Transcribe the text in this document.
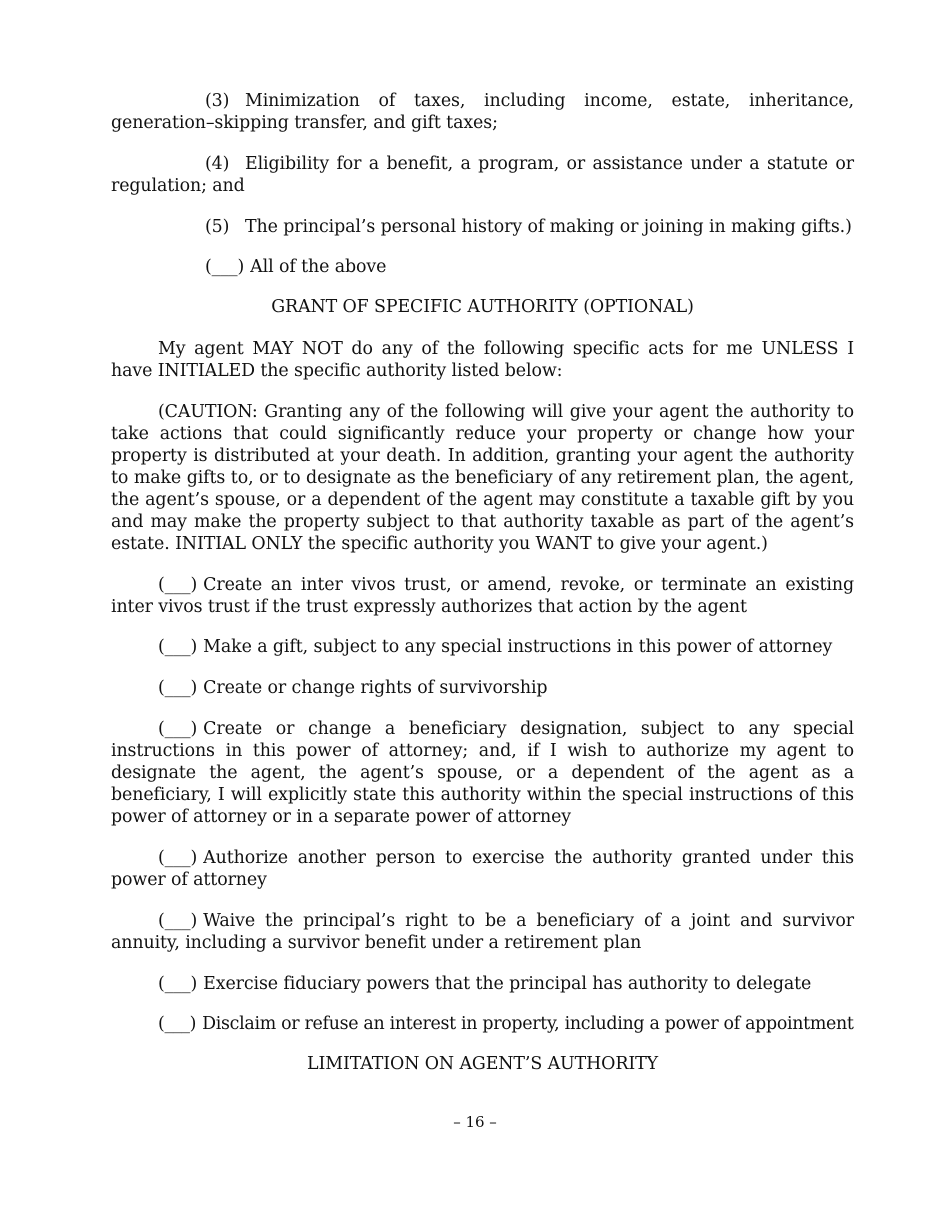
(3) Minimization of taxes, including income, estate, inheritance, generation–skipping transfer, and gift taxes;

(4) Eligibility for a benefit, a program, or assistance under a statute or regulation; and

(5) The principal’s personal history of making or joining in making gifts.)

(___) All of the above

GRANT OF SPECIFIC AUTHORITY (OPTIONAL)

My agent MAY NOT do any of the following specific acts for me UNLESS I have INITIALED the specific authority listed below:

(CAUTION: Granting any of the following will give your agent the authority to take actions that could significantly reduce your property or change how your property is distributed at your death. In addition, granting your agent the authority to make gifts to, or to designate as the beneficiary of any retirement plan, the agent, the agent’s spouse, or a dependent of the agent may constitute a taxable gift by you and may make the property subject to that authority taxable as part of the agent’s estate. INITIAL ONLY the specific authority you WANT to give your agent.)

(___) Create an inter vivos trust, or amend, revoke, or terminate an existing inter vivos trust if the trust expressly authorizes that action by the agent

(___) Make a gift, subject to any special instructions in this power of attorney

(___) Create or change rights of survivorship

(___) Create or change a beneficiary designation, subject to any special instructions in this power of attorney; and, if I wish to authorize my agent to designate the agent, the agent’s spouse, or a dependent of the agent as a beneficiary, I will explicitly state this authority within the special instructions of this power of attorney or in a separate power of attorney

(___) Authorize another person to exercise the authority granted under this power of attorney

(___) Waive the principal’s right to be a beneficiary of a joint and survivor annuity, including a survivor benefit under a retirement plan

(___) Exercise fiduciary powers that the principal has authority to delegate

(___) Disclaim or refuse an interest in property, including a power of appointment

LIMITATION ON AGENT’S AUTHORITY

– 16 –
